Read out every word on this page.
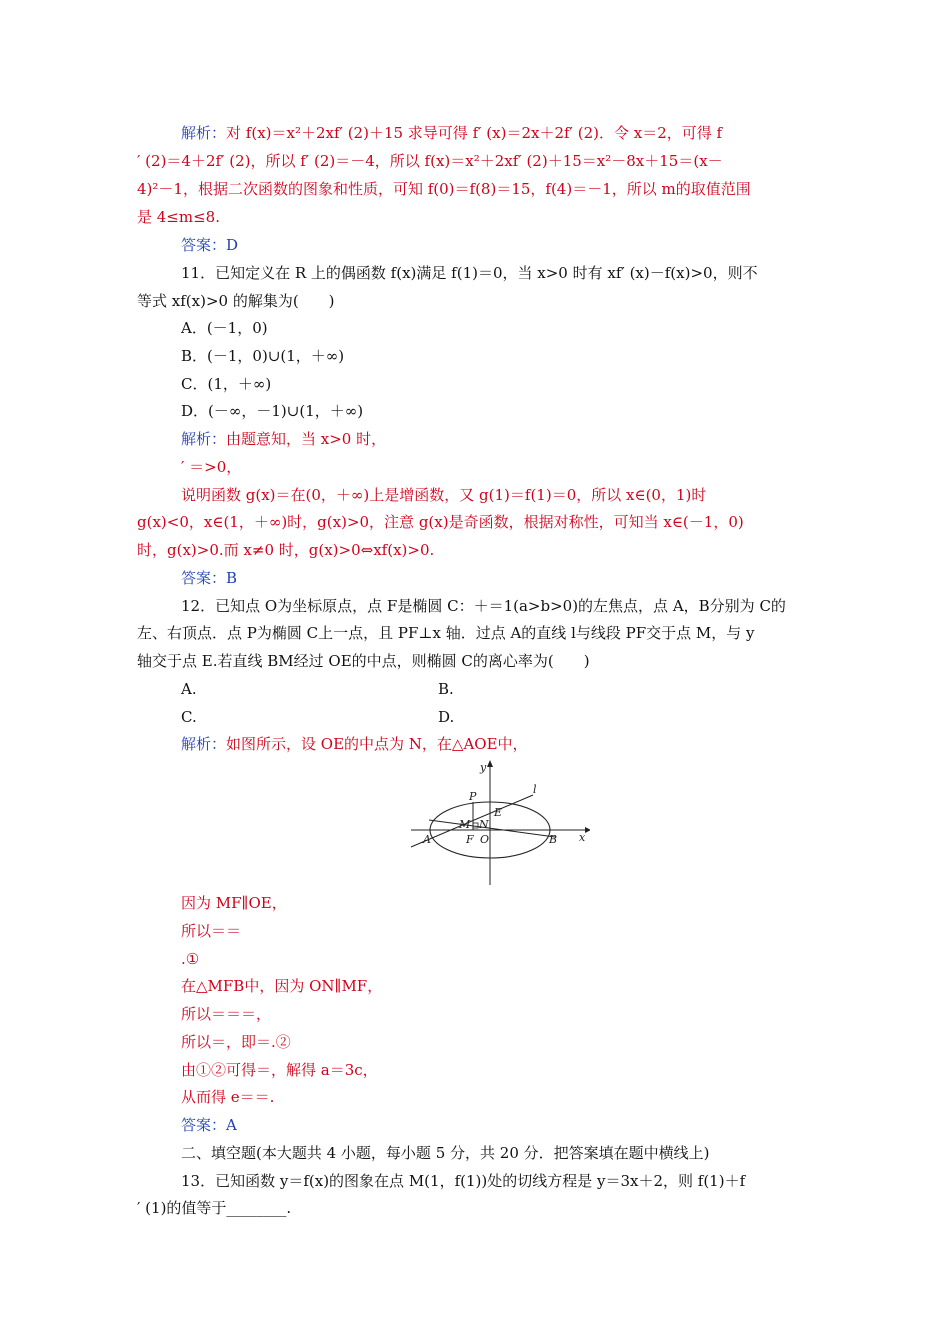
解析：对 f(x)＝x²＋2xf′ (2)＋15 求导可得 f′ (x)＝2x＋2f′ (2)．令 x＝2，可得 f
′ (2)＝4＋2f′ (2)，所以 f′ (2)＝－4，所以 f(x)＝x²＋2xf′ (2)＋15＝x²－8x＋15＝(x－
4)²－1，根据二次函数的图象和性质，可知 f(0)＝f(8)＝15，f(4)＝－1，所以 m的取值范围
是 4≤m≤8.
答案：D
11．已知定义在 R 上的偶函数 f(x)满足 f(1)＝0，当 x>0 时有 xf′ (x)－f(x)>0，则不
等式 xf(x)>0 的解集为(　　)
A．(－1，0)
B．(－1，0)∪(1，＋∞)
C．(1，＋∞)
D．(－∞，－1)∪(1，＋∞)
解析：由题意知，当 x>0 时，
′ ＝>0，
说明函数 g(x)＝在(0，＋∞)上是增函数，又 g(1)＝f(1)＝0，所以 x∈(0，1)时
g(x)<0，x∈(1，＋∞)时，g(x)>0，注意 g(x)是奇函数，根据对称性，可知当 x∈(－1，0)
时，g(x)>0.而 x≠0 时，g(x)>0⇔xf(x)>0.
答案：B
12．已知点 O为坐标原点，点 F是椭圆 C：＋＝1(a>b>0)的左焦点，点 A，B分别为 C的
左、右顶点．点 P为椭圆 C上一点，且 PF⊥x 轴．过点 A的直线 l与线段 PF交于点 M，与 y
轴交于点 E.若直线 BM经过 OE的中点，则椭圆 C的离心率为(　　)
A.	B.
C.	D.
解析：如图所示，设 OE的中点为 N，在△AOE中，
y
x
l
P
E
M N
A	F O	B
因为 MF∥OE，
所以＝＝
.①
在△MFB中，因为 ON∥MF，
所以＝＝＝，
所以＝，即＝.②
由①②可得＝，解得 a＝3c，
从而得 e＝＝.
答案：A
二、填空题(本大题共 4 小题，每小题 5 分，共 20 分．把答案填在题中横线上)
13．已知函数 y＝f(x)的图象在点 M(1，f(1))处的切线方程是 y＝3x＋2，则 f(1)＋f
′ (1)的值等于________.
